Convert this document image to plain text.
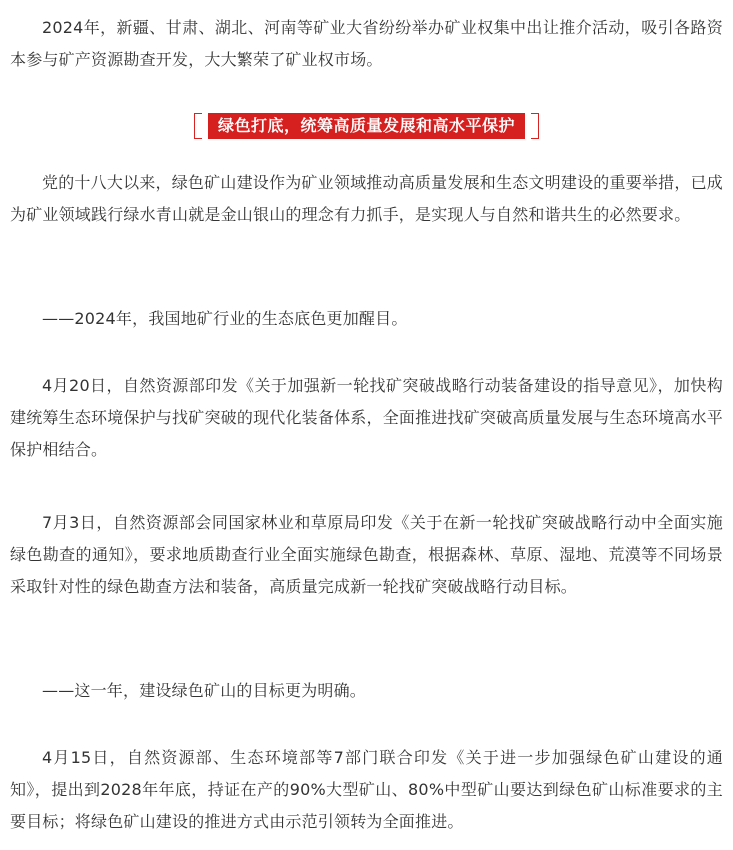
2024年，新疆、甘肃、湖北、河南等矿业大省纷纷举办矿业权集中出让推介活动，吸引各路资本参与矿产资源勘查开发，大大繁荣了矿业权市场。

绿色打底，统筹高质量发展和高水平保护

党的十八大以来，绿色矿山建设作为矿业领域推动高质量发展和生态文明建设的重要举措，已成为矿业领域践行绿水青山就是金山银山的理念有力抓手，是实现人与自然和谐共生的必然要求。

——2024年，我国地矿行业的生态底色更加醒目。

4月20日，自然资源部印发《关于加强新一轮找矿突破战略行动装备建设的指导意见》，加快构建统筹生态环境保护与找矿突破的现代化装备体系，全面推进找矿突破高质量发展与生态环境高水平保护相结合。

7月3日，自然资源部会同国家林业和草原局印发《关于在新一轮找矿突破战略行动中全面实施绿色勘查的通知》，要求地质勘查行业全面实施绿色勘查，根据森林、草原、湿地、荒漠等不同场景采取针对性的绿色勘查方法和装备，高质量完成新一轮找矿突破战略行动目标。

——这一年，建设绿色矿山的目标更为明确。

4月15日，自然资源部、生态环境部等7部门联合印发《关于进一步加强绿色矿山建设的通知》，提出到2028年年底，持证在产的90%大型矿山、80%中型矿山要达到绿色矿山标准要求的主要目标；将绿色矿山建设的推进方式由示范引领转为全面推进。
